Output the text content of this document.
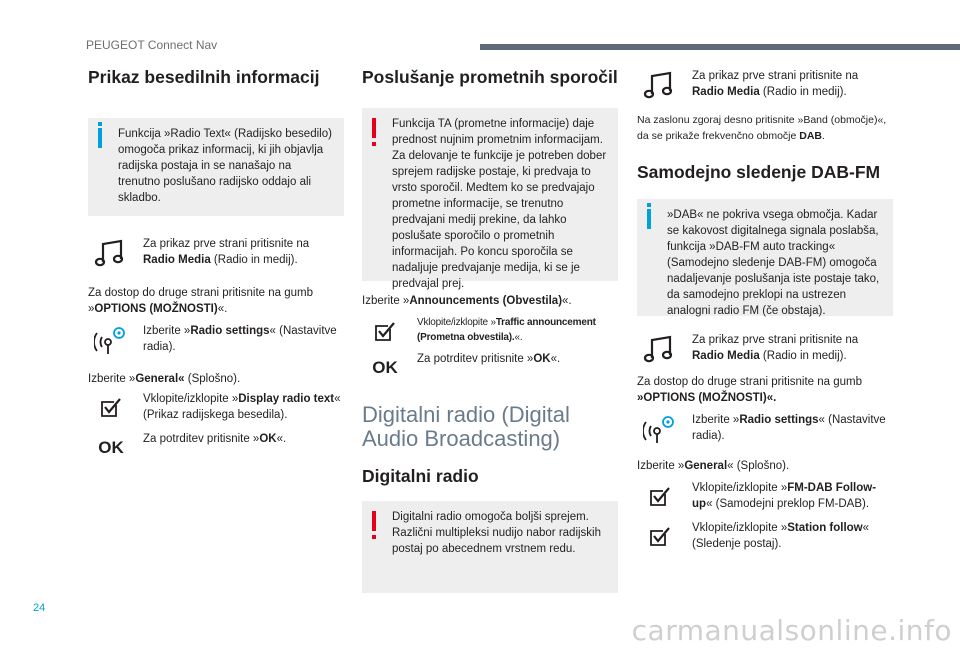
PEUGEOT Connect Nav
Prikaz besedilnih informacij
Funkcija »Radio Text« (Radijsko besedilo) omogoča prikaz informacij, ki jih objavlja radijska postaja in se nanašajo na trenutno poslušano radijsko oddajo ali skladbo.
Za prikaz prve strani pritisnite na Radio Media (Radio in medij).
Za dostop do druge strani pritisnite na gumb »OPTIONS (MOŽNOSTI)«.
Izberite »Radio settings« (Nastavitve radia).
Izberite »General« (Splošno).
Vklopite/izklopite »Display radio text« (Prikaz radijskega besedila).
OK	Za potrditev pritisnite »OK«.
Poslušanje prometnih sporočil
Funkcija TA (prometne informacije) daje prednost nujnim prometnim informacijam. Za delovanje te funkcije je potreben dober sprejem radijske postaje, ki predvaja to vrsto sporočil. Medtem ko se predvajajo prometne informacije, se trenutno predvajani medij prekine, da lahko poslušate sporočilo o prometnih informacijah. Po koncu sporočila se nadaljuje predvajanje medija, ki se je predvajal prej.
Izberite »Announcements (Obvestila)«.
Vklopite/izklopite »Traffic announcement (Prometna obvestila).«.
OK	Za potrditev pritisnite »OK«.
Digitalni radio (Digital Audio Broadcasting)
Digitalni radio
Digitalni radio omogoča boljši sprejem. Različni multipleksi nudijo nabor radijskih postaj po abecednem vrstnem redu.
Za prikaz prve strani pritisnite na Radio Media (Radio in medij).
Na zaslonu zgoraj desno pritisnite »Band (območje)«, da se prikaže frekvenčno območje DAB.
Samodejno sledenje DAB-FM
»DAB« ne pokriva vsega območja. Kadar se kakovost digitalnega signala poslabša, funkcija »DAB-FM auto tracking« (Samodejno sledenje DAB-FM) omogoča nadaljevanje poslušanja iste postaje tako, da samodejno preklopi na ustrezen analogni radio FM (če obstaja).
Za prikaz prve strani pritisnite na Radio Media (Radio in medij).
Za dostop do druge strani pritisnite na gumb »OPTIONS (MOŽNOSTI)«.
Izberite »Radio settings« (Nastavitve radia).
Izberite »General« (Splošno).
Vklopite/izklopite »FM-DAB Follow-up« (Samodejni preklop FM-DAB).
Vklopite/izklopite »Station follow« (Sledenje postaj).
24
carmanualsonline.info
